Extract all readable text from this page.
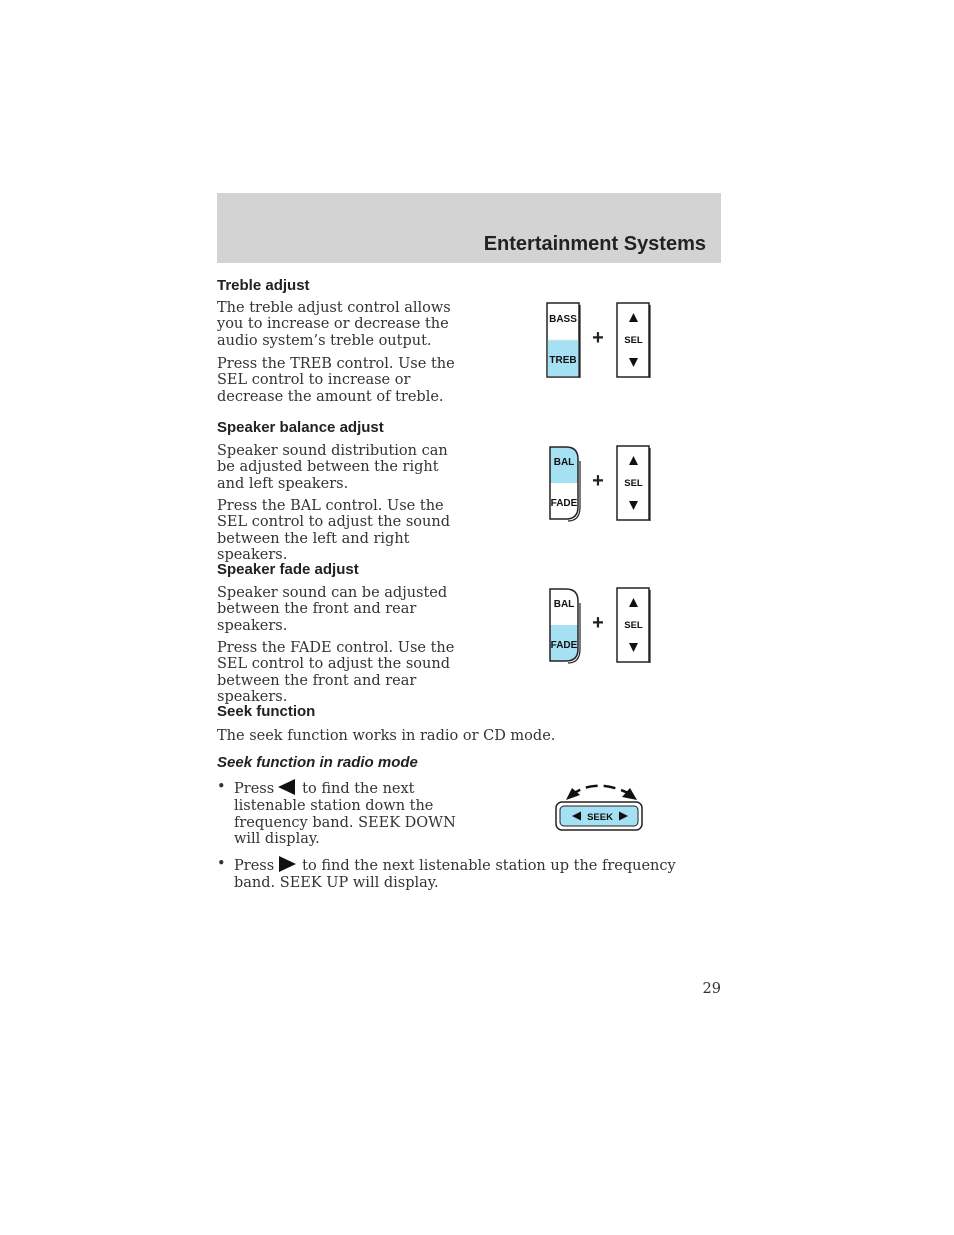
Entertainment Systems
Treble adjust

The treble adjust control allows you to increase or decrease the audio system’s treble output.

Press the TREB control. Use the SEL control to increase or decrease the amount of treble.

BASS
TREB
+ SEL
Speaker balance adjust

Speaker sound distribution can be adjusted between the right and left speakers.

Press the BAL control. Use the SEL control to adjust the sound between the left and right speakers.

BAL
FADE
+ SEL
Speaker fade adjust

Speaker sound can be adjusted between the front and rear speakers.

Press the FADE control. Use the SEL control to adjust the sound between the front and rear speakers.

BAL
FADE
+ SEL
Seek function

The seek function works in radio or CD mode.

Seek function in radio mode
• Press to find the next listenable station down the frequency band. SEEK DOWN will display.
SEEK
• Press to find the next listenable station up the frequency band. SEEK UP will display.

29
